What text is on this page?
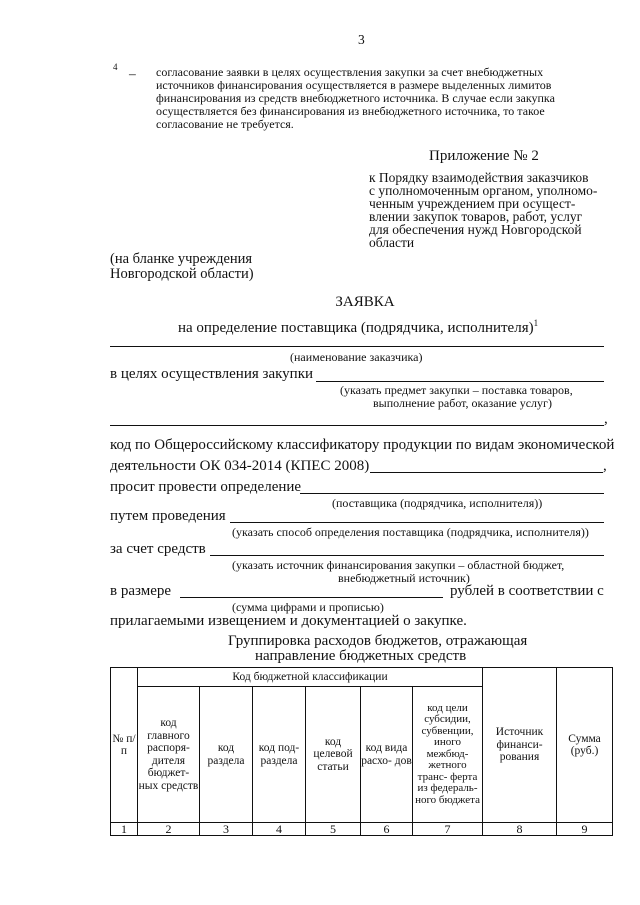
3
4 – согласование заявки в целях осуществления закупки за счет внебюджетных
источников финансирования осуществляется в размере выделенных лимитов
финансирования из средств внебюджетного источника. В случае если закупка
осуществляется без финансирования из внебюджетного источника, то такое
согласование не требуется.
Приложение № 2
к Порядку взаимодействия заказчиков
с уполномоченным органом, уполномо-
ченным учреждением при осущест-
влении закупок товаров, работ, услуг
для обеспечения нужд Новгородской
области
(на бланке учреждения
Новгородской области)
ЗАЯВКА
на определение поставщика (подрядчика, исполнителя)$^1$
(наименование заказчика)
в целях осуществления закупки
(указать предмет закупки – поставка товаров,
выполнение работ, оказание услуг)
,
код по Общероссийскому классификатору продукции по видам экономической
деятельности ОК 034-2014 (КПЕС 2008)	,
просит провести определение
(поставщика (подрядчика, исполнителя))
путем проведения
(указать способ определения поставщика (подрядчика, исполнителя))
за счет средств
(указать источник финансирования закупки – областной бюджет,
внебюджетный источник)
в размере	рублей в соответствии с
(сумма цифрами и прописью)
прилагаемыми извещением и документацией о закупке.
Группировка расходов бюджетов, отражающая
направление бюджетных средств
№ п/п	Код бюджетной классификации						Источник финанси- рования	Сумма (руб.)
	код главного распоря- дителя бюджет- ных средств	код раздела	код под- раздела	код целевой статьи	код вида расхо- дов	код цели субсидии, субвенции, иного межбюд- жетного транс- ферта из федераль- ного бюджета		
1	2	3	4	5	6	7	8	9
